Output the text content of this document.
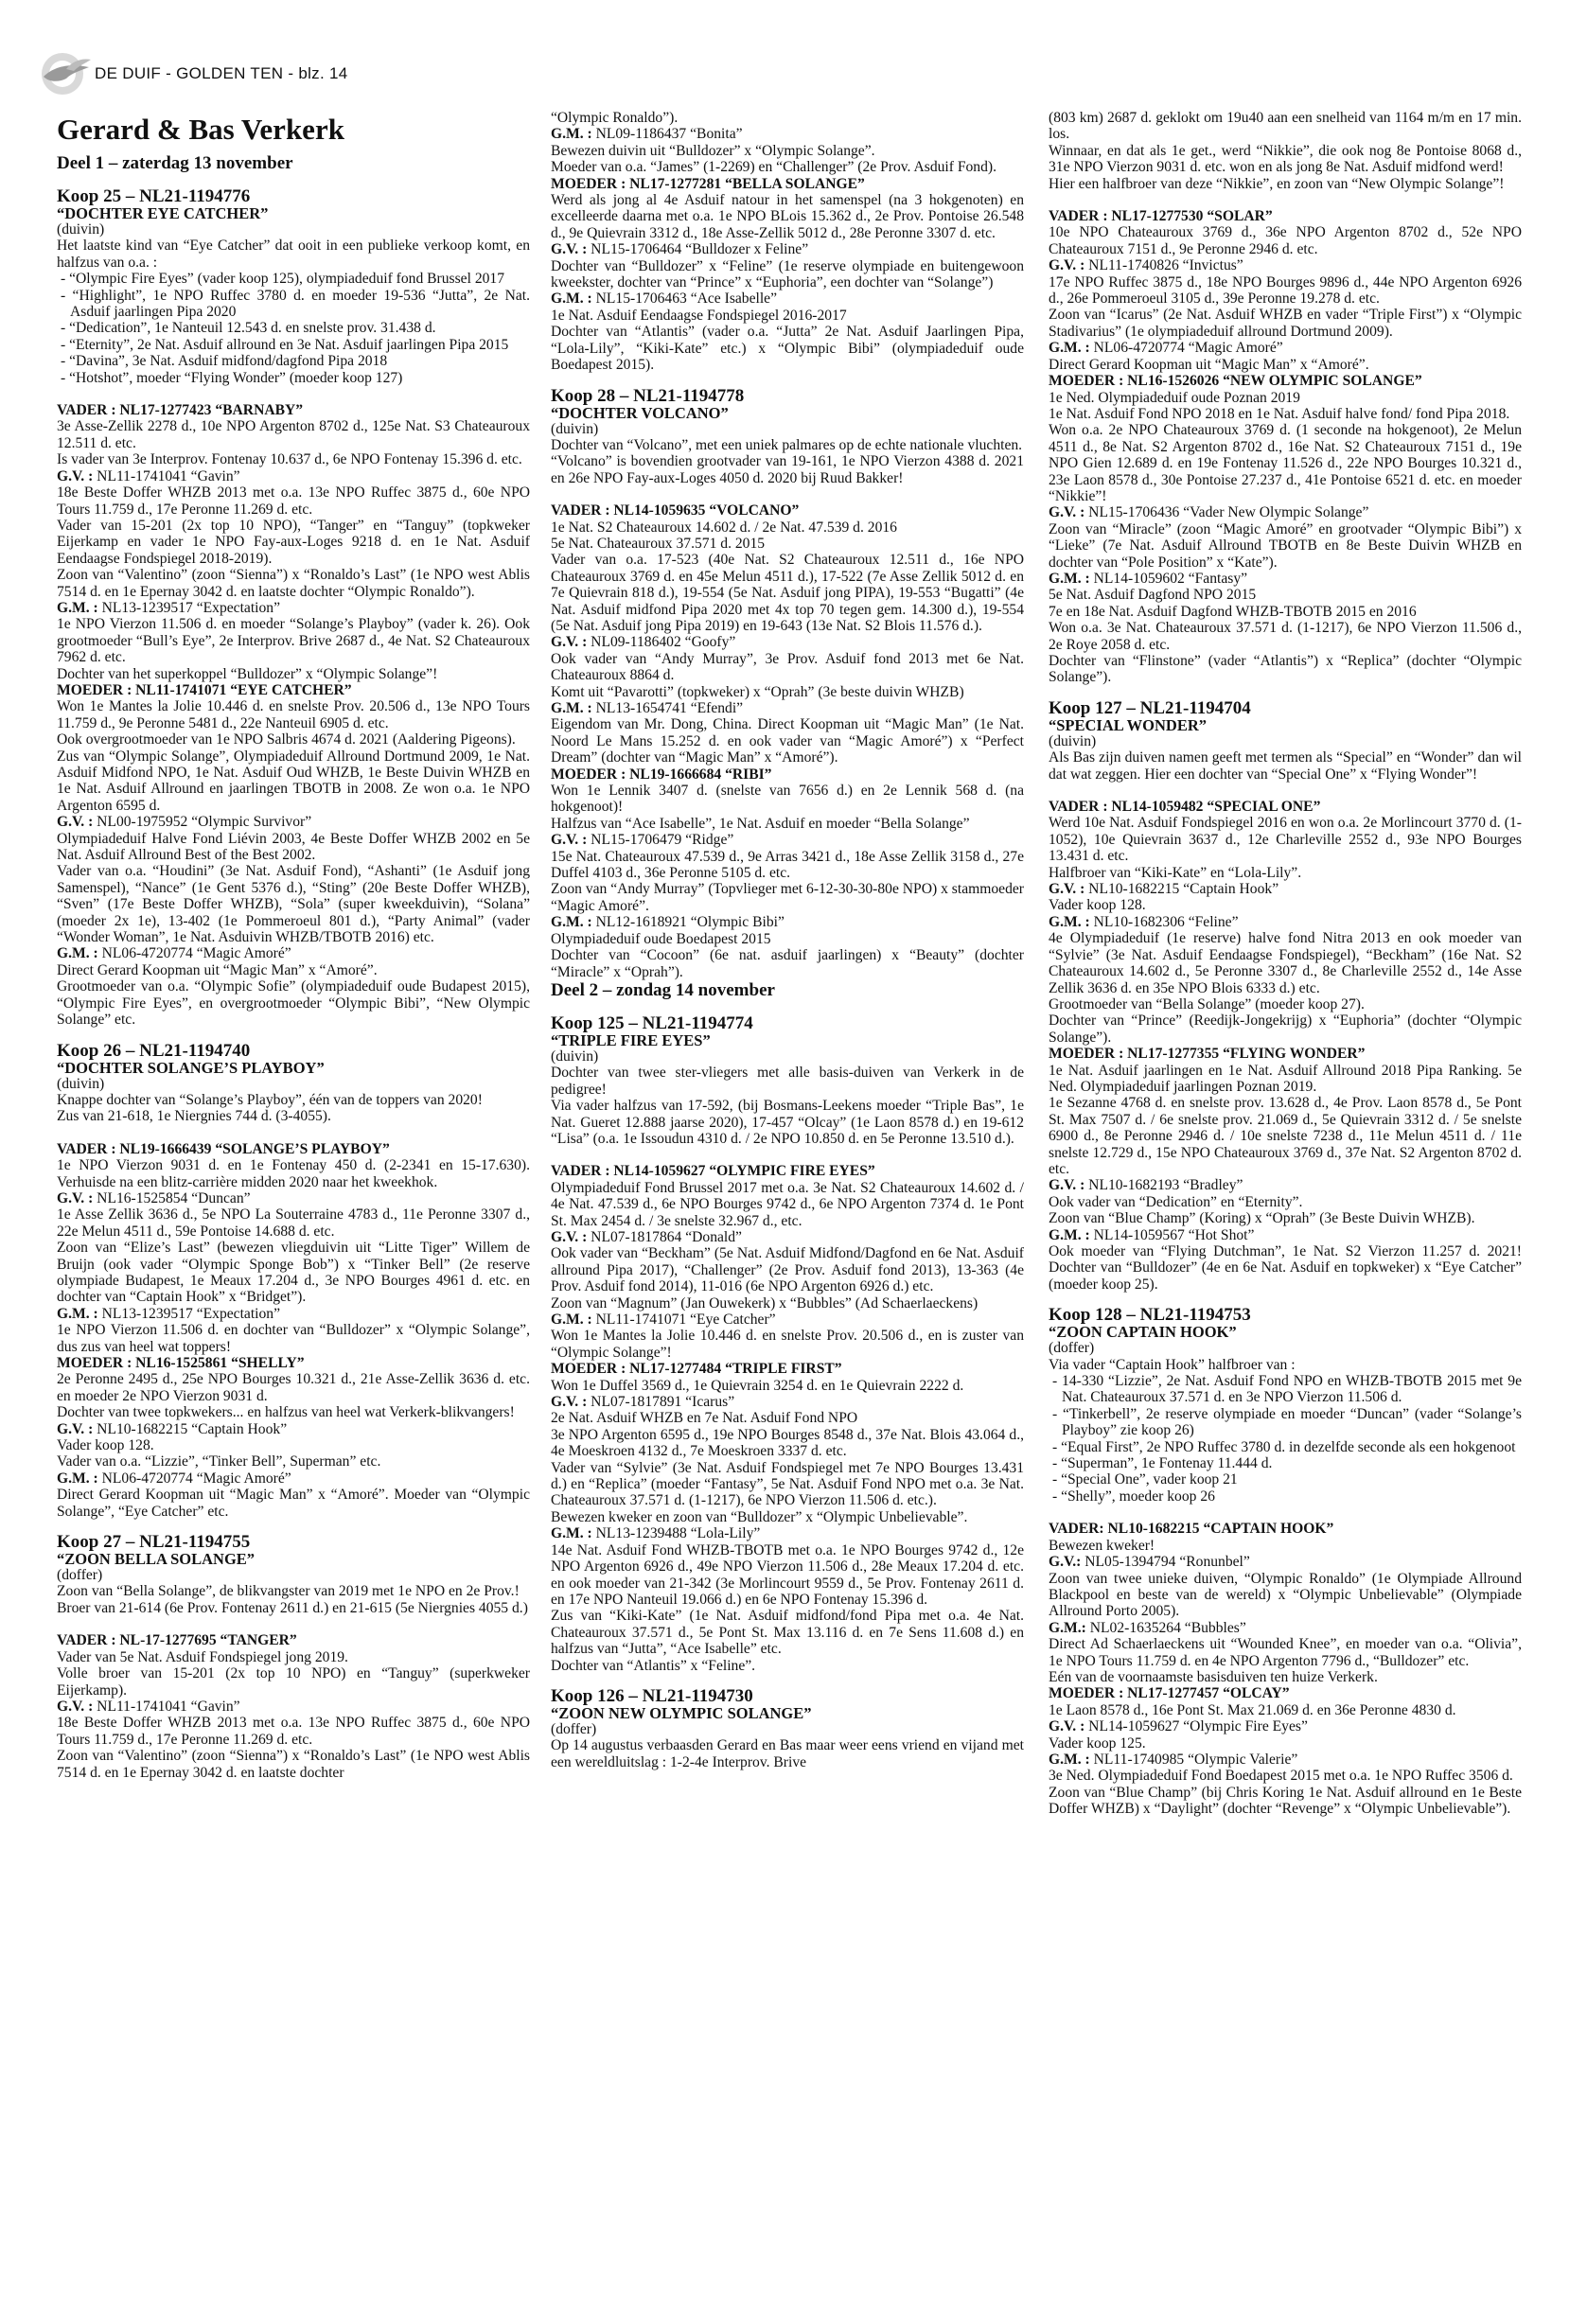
DE DUIF - GOLDEN TEN - blz. 14
Gerard & Bas Verkerk

Deel 1 – zaterdag 13 november

Koop 25 – NL21-1194776

“DOCHTER EYE CATCHER”

(duivin)

Het laatste kind van “Eye Catcher” dat ooit in een publieke verkoop komt, en halfzus van o.a. :

- “Olympic Fire Eyes” (vader koop 125), olympiadeduif fond Brussel 2017

- “Highlight”, 1e NPO Ruffec 3780 d. en moeder 19-536 “Jutta”, 2e Nat. Asduif jaarlingen Pipa 2020

- “Dedication”, 1e Nanteuil 12.543 d. en snelste prov. 31.438 d.

- “Eternity”, 2e Nat. Asduif allround en 3e Nat. Asduif jaarlingen Pipa 2015

- “Davina”, 3e Nat. Asduif midfond/dagfond Pipa 2018

- “Hotshot”, moeder “Flying Wonder” (moeder koop 127)

VADER : NL17-1277423 “BARNABY”

3e Asse-Zellik 2278 d., 10e NPO Argenton 8702 d., 125e Nat. S3 Chateauroux 12.511 d. etc.

Is vader van 3e Interprov. Fontenay 10.637 d., 6e NPO Fontenay 15.396 d. etc.

G.V. : NL11-1741041 “Gavin”

18e Beste Doffer WHZB 2013 met o.a. 13e NPO Ruffec 3875 d., 60e NPO Tours 11.759 d., 17e Peronne 11.269 d. etc.

Vader van 15-201 (2x top 10 NPO), “Tanger” en “Tanguy” (topkweker Eijerkamp en vader 1e NPO Fay-aux-Loges 9218 d. en 1e Nat. Asduif Eendaagse Fondspiegel 2018-2019).

Zoon van “Valentino” (zoon “Sienna”) x “Ronaldo’s Last” (1e NPO west Ablis 7514 d. en 1e Epernay 3042 d. en laatste dochter “Olympic Ronaldo”).

G.M. : NL13-1239517 “Expectation”

1e NPO Vierzon 11.506 d. en moeder “Solange’s Playboy” (vader k. 26). Ook grootmoeder “Bull’s Eye”, 2e Interprov. Brive 2687 d., 4e Nat. S2 Chateauroux 7962 d. etc.

Dochter van het superkoppel “Bulldozer” x “Olympic Solange”!

MOEDER : NL11-1741071 “EYE CATCHER”

Won 1e Mantes la Jolie 10.446 d. en snelste Prov. 20.506 d., 13e NPO Tours 11.759 d., 9e Peronne 5481 d., 22e Nanteuil 6905 d. etc.

Ook overgrootmoeder van 1e NPO Salbris 4674 d. 2021 (Aaldering Pigeons).

Zus van “Olympic Solange”, Olympiadeduif Allround Dortmund 2009, 1e Nat. Asduif Midfond NPO, 1e Nat. Asduif Oud WHZB, 1e Beste Duivin WHZB en 1e Nat. Asduif Allround en jaarlingen TBOTB in 2008. Ze won o.a. 1e NPO Argenton 6595 d.

G.V. : NL00-1975952 “Olympic Survivor”

Olympiadeduif Halve Fond Liévin 2003, 4e Beste Doffer WHZB 2002 en 5e Nat. Asduif Allround Best of the Best 2002.

Vader van o.a. “Houdini” (3e Nat. Asduif Fond), “Ashanti” (1e Asduif jong Samenspel), “Nance” (1e Gent 5376 d.), “Sting” (20e Beste Doffer WHZB), “Sven” (17e Beste Doffer WHZB), “Sola” (super kweekduivin), “Solana” (moeder 2x 1e), 13-402 (1e Pommeroeul 801 d.), “Party Animal” (vader “Wonder Woman”, 1e Nat. Asduivin WHZB/TBOTB 2016) etc.

G.M. : NL06-4720774 “Magic Amoré”

Direct Gerard Koopman uit “Magic Man” x “Amoré”.

Grootmoeder van o.a. “Olympic Sofie” (olympiadeduif oude Budapest 2015), “Olympic Fire Eyes”, en overgrootmoeder “Olympic Bibi”, “New Olympic Solange” etc.

Koop 26 – NL21-1194740

“DOCHTER SOLANGE’S PLAYBOY”

(duivin)

Knappe dochter van “Solange’s Playboy”, één van de toppers van 2020!

Zus van 21-618, 1e Niergnies 744 d. (3-4055).

VADER : NL19-1666439 “SOLANGE’S PLAYBOY”

1e NPO Vierzon 9031 d. en 1e Fontenay 450 d. (2-2341 en 15-17.630). Verhuisde na een blitz-carrière midden 2020 naar het kweekhok.

G.V. : NL16-1525854 “Duncan”

1e Asse Zellik 3636 d., 5e NPO La Souterraine 4783 d., 11e Peronne 3307 d., 22e Melun 4511 d., 59e Pontoise 14.688 d. etc.

Zoon van “Elize’s Last” (bewezen vliegduivin uit “Litte Tiger” Willem de Bruijn (ook vader “Olympic Sponge Bob”) x “Tinker Bell” (2e reserve olympiade Budapest, 1e Meaux 17.204 d., 3e NPO Bourges 4961 d. etc. en dochter van “Captain Hook” x “Bridget”).

G.M. : NL13-1239517 “Expectation”

1e NPO Vierzon 11.506 d. en dochter van “Bulldozer” x “Olympic Solange”, dus zus van heel wat toppers!

MOEDER : NL16-1525861 “SHELLY”

2e Peronne 2495 d., 25e NPO Bourges 10.321 d., 21e Asse-Zellik 3636 d. etc. en moeder 2e NPO Vierzon 9031 d.

Dochter van twee topkwekers... en halfzus van heel wat Verkerk-blikvangers!

G.V. : NL10-1682215 “Captain Hook”

Vader koop 128.

Vader van o.a. “Lizzie”, “Tinker Bell”, Superman” etc.

G.M. : NL06-4720774 “Magic Amoré”

Direct Gerard Koopman uit “Magic Man” x “Amoré”. Moeder van “Olympic Solange”, “Eye Catcher” etc.

Koop 27 – NL21-1194755

“ZOON BELLA SOLANGE”

(doffer)

Zoon van “Bella Solange”, de blikvangster van 2019 met 1e NPO en 2e Prov.!

Broer van 21-614 (6e Prov. Fontenay 2611 d.) en 21-615 (5e Niergnies 4055 d.)

VADER : NL-17-1277695 “TANGER”

Vader van 5e Nat. Asduif Fondspiegel jong 2019.

Volle broer van 15-201 (2x top 10 NPO) en “Tanguy” (superkweker Eijerkamp).

G.V. : NL11-1741041 “Gavin”

18e Beste Doffer WHZB 2013 met o.a. 13e NPO Ruffec 3875 d., 60e NPO Tours 11.759 d., 17e Peronne 11.269 d. etc.

Zoon van “Valentino” (zoon “Sienna”) x “Ronaldo’s Last” (1e NPO west Ablis 7514 d. en 1e Epernay 3042 d. en laatste dochter

“Olympic Ronaldo”).

G.M. : NL09-1186437 “Bonita”

Bewezen duivin uit “Bulldozer” x “Olympic Solange”.

Moeder van o.a. “James” (1-2269) en “Challenger” (2e Prov. Asduif Fond).

MOEDER : NL17-1277281 “BELLA SOLANGE”

Werd als jong al 4e Asduif natour in het samenspel (na 3 hokgenoten) en excelleerde daarna met o.a. 1e NPO BLois 15.362 d., 2e Prov. Pontoise 26.548 d., 9e Quievrain 3312 d., 18e Asse-Zellik 5012 d., 28e Peronne 3307 d. etc.

G.V. : NL15-1706464 “Bulldozer x Feline”

Dochter van “Bulldozer” x “Feline” (1e reserve olympiade en buitengewoon kweekster, dochter van “Prince” x “Euphoria”, een dochter van “Solange”)

G.M. : NL15-1706463 “Ace Isabelle”

1e Nat. Asduif Eendaagse Fondspiegel 2016-2017

Dochter van “Atlantis” (vader o.a. “Jutta” 2e Nat. Asduif Jaarlingen Pipa, “Lola-Lily”, “Kiki-Kate” etc.) x “Olympic Bibi” (olympiadeduif oude Boedapest 2015).

Koop 28 – NL21-1194778

“DOCHTER VOLCANO”

(duivin)

Dochter van “Volcano”, met een uniek palmares op de echte nationale vluchten.

“Volcano” is bovendien grootvader van 19-161, 1e NPO Vierzon 4388 d. 2021 en 26e NPO Fay-aux-Loges 4050 d. 2020 bij Ruud Bakker!

VADER : NL14-1059635 “VOLCANO”

1e Nat. S2 Chateauroux 14.602 d. / 2e Nat. 47.539 d. 2016

5e Nat. Chateauroux 37.571 d. 2015

Vader van o.a. 17-523 (40e Nat. S2 Chateauroux 12.511 d., 16e NPO Chateauroux 3769 d. en 45e Melun 4511 d.), 17-522 (7e Asse Zellik 5012 d. en 7e Quievrain 818 d.), 19-554 (5e Nat. Asduif jong PIPA), 19-553 “Bugatti” (4e Nat. Asduif midfond Pipa 2020 met 4x top 70 tegen gem. 14.300 d.), 19-554 (5e Nat. Asduif jong Pipa 2019) en 19-643 (13e Nat. S2 Blois 11.576 d.).

G.V. : NL09-1186402 “Goofy”

Ook vader van “Andy Murray”, 3e Prov. Asduif fond 2013 met 6e Nat. Chateauroux 8864 d.

Komt uit “Pavarotti” (topkweker) x “Oprah” (3e beste duivin WHZB)

G.M. : NL13-1654741 “Efendi”

Eigendom van Mr. Dong, China. Direct Koopman uit “Magic Man” (1e Nat. Noord Le Mans 15.252 d. en ook vader van “Magic Amoré”) x “Perfect Dream” (dochter van “Magic Man” x “Amoré”).

MOEDER : NL19-1666684 “RIBI”

Won 1e Lennik 3407 d. (snelste van 7656 d.) en 2e Lennik 568 d. (na hokgenoot)!

Halfzus van “Ace Isabelle”, 1e Nat. Asduif en moeder “Bella Solange”

G.V. : NL15-1706479 “Ridge”

15e Nat. Chateauroux 47.539 d., 9e Arras 3421 d., 18e Asse Zellik 3158 d., 27e Duffel 4103 d., 36e Peronne 5105 d. etc.

Zoon van “Andy Murray” (Topvlieger met 6-12-30-30-80e NPO) x stammoeder “Magic Amoré”.

G.M. : NL12-1618921 “Olympic Bibi”

Olympiadeduif oude Boedapest 2015

Dochter van “Cocoon” (6e nat. asduif jaarlingen) x “Beauty” (dochter “Miracle” x “Oprah”).

Deel 2 – zondag 14 november

Koop 125 – NL21-1194774

“TRIPLE FIRE EYES”

(duivin)

Dochter van twee ster-vliegers met alle basis-duiven van Verkerk in de pedigree!

Via vader halfzus van 17-592, (bij Bosmans-Leekens moeder “Triple Bas”, 1e Nat. Gueret 12.888 jaarse 2020), 17-457 “Olcay” (1e Laon 8578 d.) en 19-612 “Lisa” (o.a. 1e Issoudun 4310 d. / 2e NPO 10.850 d. en 5e Peronne 13.510 d.).

VADER : NL14-1059627 “OLYMPIC FIRE EYES”

Olympiadeduif Fond Brussel 2017 met o.a. 3e Nat. S2 Chateauroux 14.602 d. / 4e Nat. 47.539 d., 6e NPO Bourges 9742 d., 6e NPO Argenton 7374 d. 1e Pont St. Max 2454 d. / 3e snelste 32.967 d., etc.

G.V. : NL07-1817864 “Donald”

Ook vader van “Beckham” (5e Nat. Asduif Midfond/Dagfond en 6e Nat. Asduif allround Pipa 2017), “Challenger” (2e Prov. Asduif fond 2013), 13-363 (4e Prov. Asduif fond 2014), 11-016 (6e NPO Argenton 6926 d.) etc.

Zoon van “Magnum” (Jan Ouwekerk) x “Bubbles” (Ad Schaerlaeckens)

G.M. : NL11-1741071 “Eye Catcher”

Won 1e Mantes la Jolie 10.446 d. en snelste Prov. 20.506 d., en is zuster van “Olympic Solange”!

MOEDER : NL17-1277484 “TRIPLE FIRST”

Won 1e Duffel 3569 d., 1e Quievrain 3254 d. en 1e Quievrain 2222 d.

G.V. : NL07-1817891 “Icarus”

2e Nat. Asduif WHZB en 7e Nat. Asduif Fond NPO

3e NPO Argenton 6595 d., 19e NPO Bourges 8548 d., 37e Nat. Blois 43.064 d., 4e Moeskroen 4132 d., 7e Moeskroen 3337 d. etc.

Vader van “Sylvie” (3e Nat. Asduif Fondspiegel met 7e NPO Bourges 13.431 d.) en “Replica” (moeder “Fantasy”, 5e Nat. Asduif Fond NPO met o.a. 3e Nat. Chateauroux 37.571 d. (1-1217), 6e NPO Vierzon 11.506 d. etc.).

Bewezen kweker en zoon van “Bulldozer” x “Olympic Unbelievable”.

G.M. : NL13-1239488 “Lola-Lily”

14e Nat. Asduif Fond WHZB-TBOTB met o.a. 1e NPO Bourges 9742 d., 12e NPO Argenton 6926 d., 49e NPO Vierzon 11.506 d., 28e Meaux 17.204 d. etc. en ook moeder van 21-342 (3e Morlincourt 9559 d., 5e Prov. Fontenay 2611 d. en 17e NPO Nanteuil 19.066 d.) en 6e NPO Fontenay 15.396 d.

Zus van “Kiki-Kate” (1e Nat. Asduif midfond/fond Pipa met o.a. 4e Nat. Chateauroux 37.571 d., 5e Pont St. Max 13.116 d. en 7e Sens 11.608 d.) en halfzus van “Jutta”, “Ace Isabelle” etc.

Dochter van “Atlantis” x “Feline”.

Koop 126 – NL21-1194730

“ZOON NEW OLYMPIC SOLANGE”

(doffer)

Op 14 augustus verbaasden Gerard en Bas maar weer eens vriend en vijand met een wereldluitslag : 1-2-4e Interprov. Brive

(803 km) 2687 d. geklokt om 19u40 aan een snelheid van 1164 m/m en 17 min. los.

Winnaar, en dat als 1e get., werd “Nikkie”, die ook nog 8e Pontoise 8068 d., 31e NPO Vierzon 9031 d. etc. won en als jong 8e Nat. Asduif midfond werd!

Hier een halfbroer van deze “Nikkie”, en zoon van “New Olympic Solange”!

VADER : NL17-1277530 “SOLAR”

10e NPO Chateauroux 3769 d., 36e NPO Argenton 8702 d., 52e NPO Chateauroux 7151 d., 9e Peronne 2946 d. etc.

G.V. : NL11-1740826 “Invictus”

17e NPO Ruffec 3875 d., 18e NPO Bourges 9896 d., 44e NPO Argenton 6926 d., 26e Pommeroeul 3105 d., 39e Peronne 19.278 d. etc.

Zoon van “Icarus” (2e Nat. Asduif WHZB en vader “Triple First”) x “Olympic Stadivarius” (1e olympiadeduif allround Dortmund 2009).

G.M. : NL06-4720774 “Magic Amoré”

Direct Gerard Koopman uit “Magic Man” x “Amoré”.

MOEDER : NL16-1526026 “NEW OLYMPIC SOLANGE”

1e Ned. Olympiadeduif oude Poznan 2019

1e Nat. Asduif Fond NPO 2018 en 1e Nat. Asduif halve fond/ fond Pipa 2018.

Won o.a. 2e NPO Chateauroux 3769 d. (1 seconde na hokgenoot), 2e Melun 4511 d., 8e Nat. S2 Argenton 8702 d., 16e Nat. S2 Chateauroux 7151 d., 19e NPO Gien 12.689 d. en 19e Fontenay 11.526 d., 22e NPO Bourges 10.321 d., 23e Laon 8578 d., 30e Pontoise 27.237 d., 41e Pontoise 6521 d. etc. en moeder “Nikkie”!

G.V. : NL15-1706436 “Vader New Olympic Solange”

Zoon van “Miracle” (zoon “Magic Amoré” en grootvader “Olympic Bibi”) x “Lieke” (7e Nat. Asduif Allround TBOTB en 8e Beste Duivin WHZB en dochter van “Pole Position” x “Kate”).

G.M. : NL14-1059602 “Fantasy”

5e Nat. Asduif Dagfond NPO 2015

7e en 18e Nat. Asduif Dagfond WHZB-TBOTB 2015 en 2016

Won o.a. 3e Nat. Chateauroux 37.571 d. (1-1217), 6e NPO Vierzon 11.506 d., 2e Roye 2058 d. etc.

Dochter van “Flinstone” (vader “Atlantis”) x “Replica” (dochter “Olympic Solange”).

Koop 127 – NL21-1194704

“SPECIAL WONDER”

(duivin)

Als Bas zijn duiven namen geeft met termen als “Special” en “Wonder” dan wil dat wat zeggen. Hier een dochter van “Special One” x “Flying Wonder”!

VADER : NL14-1059482 “SPECIAL ONE”

Werd 10e Nat. Asduif Fondspiegel 2016 en won o.a. 2e Morlincourt 3770 d. (1-1052), 10e Quievrain 3637 d., 12e Charleville 2552 d., 93e NPO Bourges 13.431 d. etc.

Halfbroer van “Kiki-Kate” en “Lola-Lily”.

G.V. : NL10-1682215 “Captain Hook”

Vader koop 128.

G.M. : NL10-1682306 “Feline”

4e Olympiadeduif (1e reserve) halve fond Nitra 2013 en ook moeder van “Sylvie” (3e Nat. Asduif Eendaagse Fondspiegel), “Beckham” (16e Nat. S2 Chateauroux 14.602 d., 5e Peronne 3307 d., 8e Charleville 2552 d., 14e Asse Zellik 3636 d. en 35e NPO Blois 6333 d.) etc.

Grootmoeder van “Bella Solange” (moeder koop 27).

Dochter van “Prince” (Reedijk-Jongekrijg) x “Euphoria” (dochter “Olympic Solange”).

MOEDER : NL17-1277355 “FLYING WONDER”

1e Nat. Asduif jaarlingen en 1e Nat. Asduif Allround 2018 Pipa Ranking. 5e Ned. Olympiadeduif jaarlingen Poznan 2019.

1e Sezanne 4768 d. en snelste prov. 13.628 d., 4e Prov. Laon 8578 d., 5e Pont St. Max 7507 d. / 6e snelste prov. 21.069 d., 5e Quievrain 3312 d. / 5e snelste 6900 d., 8e Peronne 2946 d. / 10e snelste 7238 d., 11e Melun 4511 d. / 11e snelste 12.729 d., 15e NPO Chateauroux 3769 d., 37e Nat. S2 Argenton 8702 d. etc.

G.V. : NL10-1682193 “Bradley”

Ook vader van “Dedication” en “Eternity”.

Zoon van “Blue Champ” (Koring) x “Oprah” (3e Beste Duivin WHZB).

G.M. : NL14-1059567 “Hot Shot”

Ook moeder van “Flying Dutchman”, 1e Nat. S2 Vierzon 11.257 d. 2021! Dochter van “Bulldozer” (4e en 6e Nat. Asduif en topkweker) x “Eye Catcher” (moeder koop 25).

Koop 128 – NL21-1194753

“ZOON CAPTAIN HOOK”

(doffer)

Via vader “Captain Hook” halfbroer van :

- 14-330 “Lizzie”, 2e Nat. Asduif Fond NPO en WHZB-TBOTB 2015 met 9e Nat. Chateauroux 37.571 d. en 3e NPO Vierzon 11.506 d.

- “Tinkerbell”, 2e reserve olympiade en moeder “Duncan” (vader “Solange’s Playboy” zie koop 26)

- “Equal First”, 2e NPO Ruffec 3780 d. in dezelfde seconde als een hokgenoot

- “Superman”, 1e Fontenay 11.444 d.

- “Special One”, vader koop 21

- “Shelly”, moeder koop 26

VADER: NL10-1682215 “CAPTAIN HOOK”

Bewezen kweker!

G.V.: NL05-1394794 “Ronunbel”

Zoon van twee unieke duiven, “Olympic Ronaldo” (1e Olympiade Allround Blackpool en beste van de wereld) x “Olympic Unbelievable” (Olympiade Allround Porto 2005).

G.M.: NL02-1635264 “Bubbles”

Direct Ad Schaerlaeckens uit “Wounded Knee”, en moeder van o.a. “Olivia”, 1e NPO Tours 11.759 d. en 4e NPO Argenton 7796 d., “Bulldozer” etc.

Eén van de voornaamste basisduiven ten huize Verkerk.

MOEDER : NL17-1277457 “OLCAY”

1e Laon 8578 d., 16e Pont St. Max 21.069 d. en 36e Peronne 4830 d.

G.V. : NL14-1059627 “Olympic Fire Eyes”

Vader koop 125.

G.M. : NL11-1740985 “Olympic Valerie”

3e Ned. Olympiadeduif Fond Boedapest 2015 met o.a. 1e NPO Ruffec 3506 d.

Zoon van “Blue Champ” (bij Chris Koring 1e Nat. Asduif allround en 1e Beste Doffer WHZB) x “Daylight” (dochter “Revenge” x “Olympic Unbelievable”).
